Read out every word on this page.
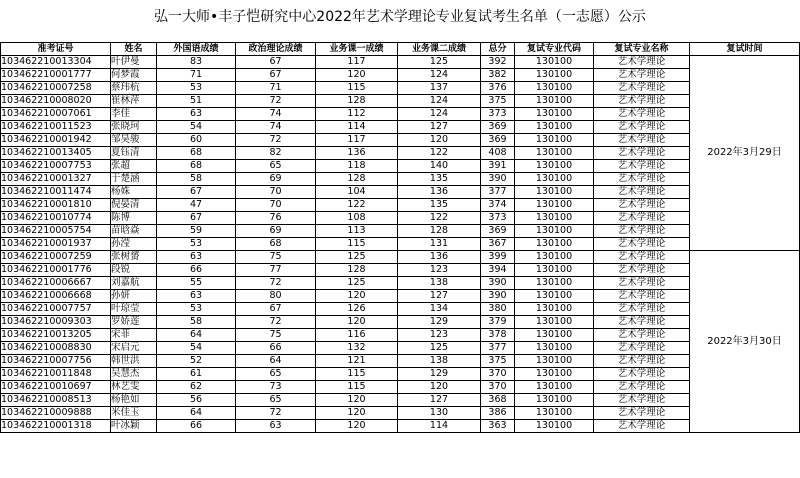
弘一大师•丰子恺研究中心2022年艺术学理论专业复试考生名单（一志愿）公示
准考证号	姓名	外国语成绩	政治理论成绩	业务课一成绩	业务课二成绩	总分	复试专业代码	复试专业名称	复试时间
103462210013304	叶伊曼	83	67	117	125	392	130100	艺术学理论	2022年3月29日
103462210001777	何梦霞	71	67	120	124	382	130100	艺术学理论	
103462210007258	蔡玮杭	53	71	115	137	376	130100	艺术学理论	
103462210008020	崔林萍	51	72	128	124	375	130100	艺术学理论	
103462210007061	李佳	63	74	112	124	373	130100	艺术学理论	
103462210011523	张晓珂	54	74	114	127	369	130100	艺术学理论	
103462210001942	邹昊骏	60	72	117	120	369	130100	艺术学理论	
103462210013405	夏钰清	68	82	136	122	408	130100	艺术学理论	
103462210007753	张超	68	65	118	140	391	130100	艺术学理论	
103462210001327	于楚涵	58	69	128	135	390	130100	艺术学理论	
103462210011474	杨姝	67	70	104	136	377	130100	艺术学理论	
103462210001810	倪晏清	47	70	122	135	374	130100	艺术学理论	
103462210010774	陈博	67	76	108	122	373	130100	艺术学理论	
103462210005754	苗晗焱	59	69	113	128	369	130100	艺术学理论	
103462210001937	孙滢	53	68	115	131	367	130100	艺术学理论	
103462210007259	张树赟	63	75	125	136	399	130100	艺术学理论	2022年3月30日
103462210001776	段锐	66	77	128	123	394	130100	艺术学理论	
103462210006667	刘嘉航	55	72	125	138	390	130100	艺术学理论	
103462210006668	孙妍	63	80	120	127	390	130100	艺术学理论	
103462210007757	叶琼莹	53	67	126	134	380	130100	艺术学理论	
103462210009303	罗娇莲	58	72	120	129	379	130100	艺术学理论	
103462210013205	宋菲	64	75	116	123	378	130100	艺术学理论	
103462210008830	宋启元	54	66	132	125	377	130100	艺术学理论	
103462210007756	韩世洪	52	64	121	138	375	130100	艺术学理论	
103462210011848	吴慧杰	61	65	115	129	370	130100	艺术学理论	
103462210010697	林艺雯	62	73	115	120	370	130100	艺术学理论	
103462210008513	杨艳如	56	65	120	127	368	130100	艺术学理论	
103462210009888	米佳玉	64	72	120	130	386	130100	艺术学理论	
103462210001318	叶冰颖	66	63	120	114	363	130100	艺术学理论	
